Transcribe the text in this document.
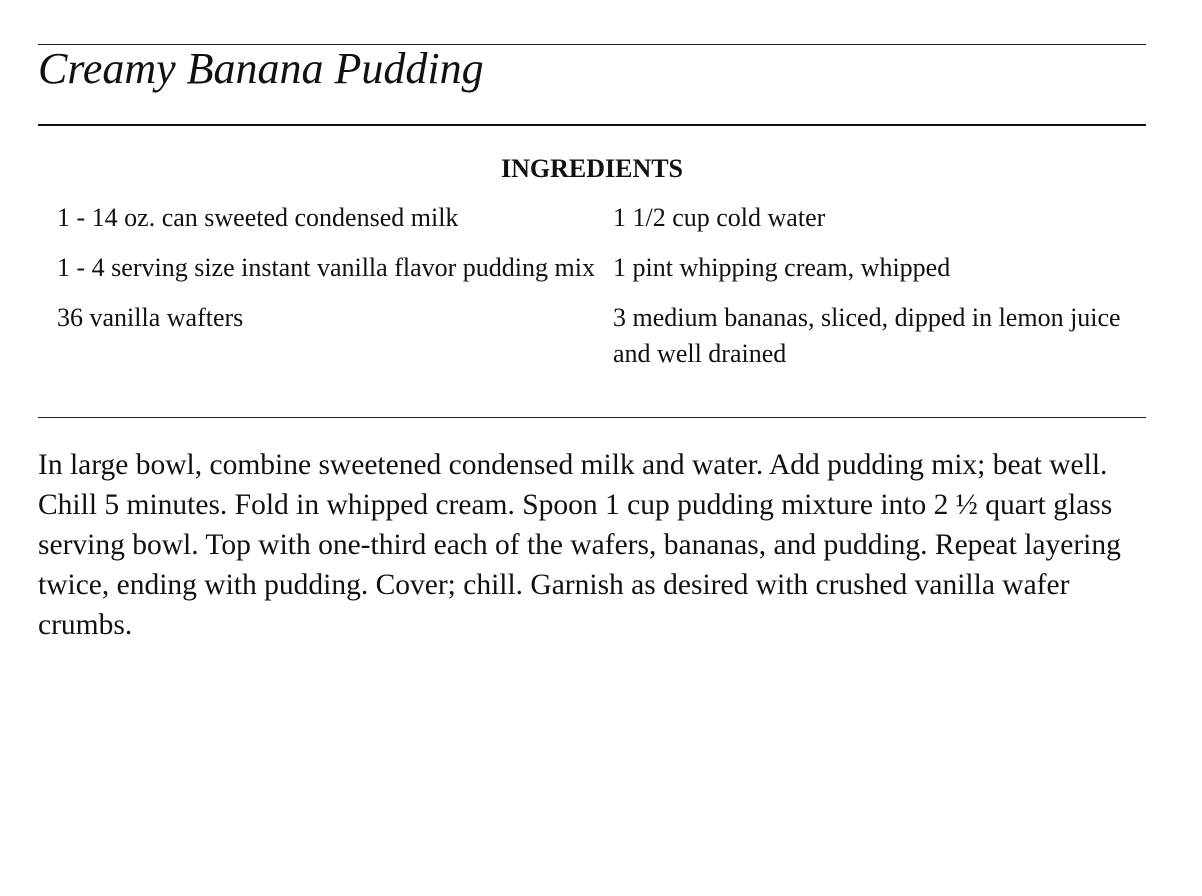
Creamy Banana Pudding
INGREDIENTS
1 - 14 oz. can sweeted condensed milk	1 1/2 cup cold water
1 - 4 serving size instant vanilla flavor pudding mix	1 pint whipping cream, whipped
36 vanilla wafters	3 medium bananas, sliced, dipped in lemon juice and well drained

In large bowl, combine sweetened condensed milk and water. Add pudding mix; beat well. Chill 5 minutes. Fold in whipped cream. Spoon 1 cup pudding mixture into 2 ½ quart glass serving bowl. Top with one-third each of the wafers, bananas, and pudding. Repeat layering twice, ending with pudding. Cover; chill. Garnish as desired with crushed vanilla wafer crumbs.
